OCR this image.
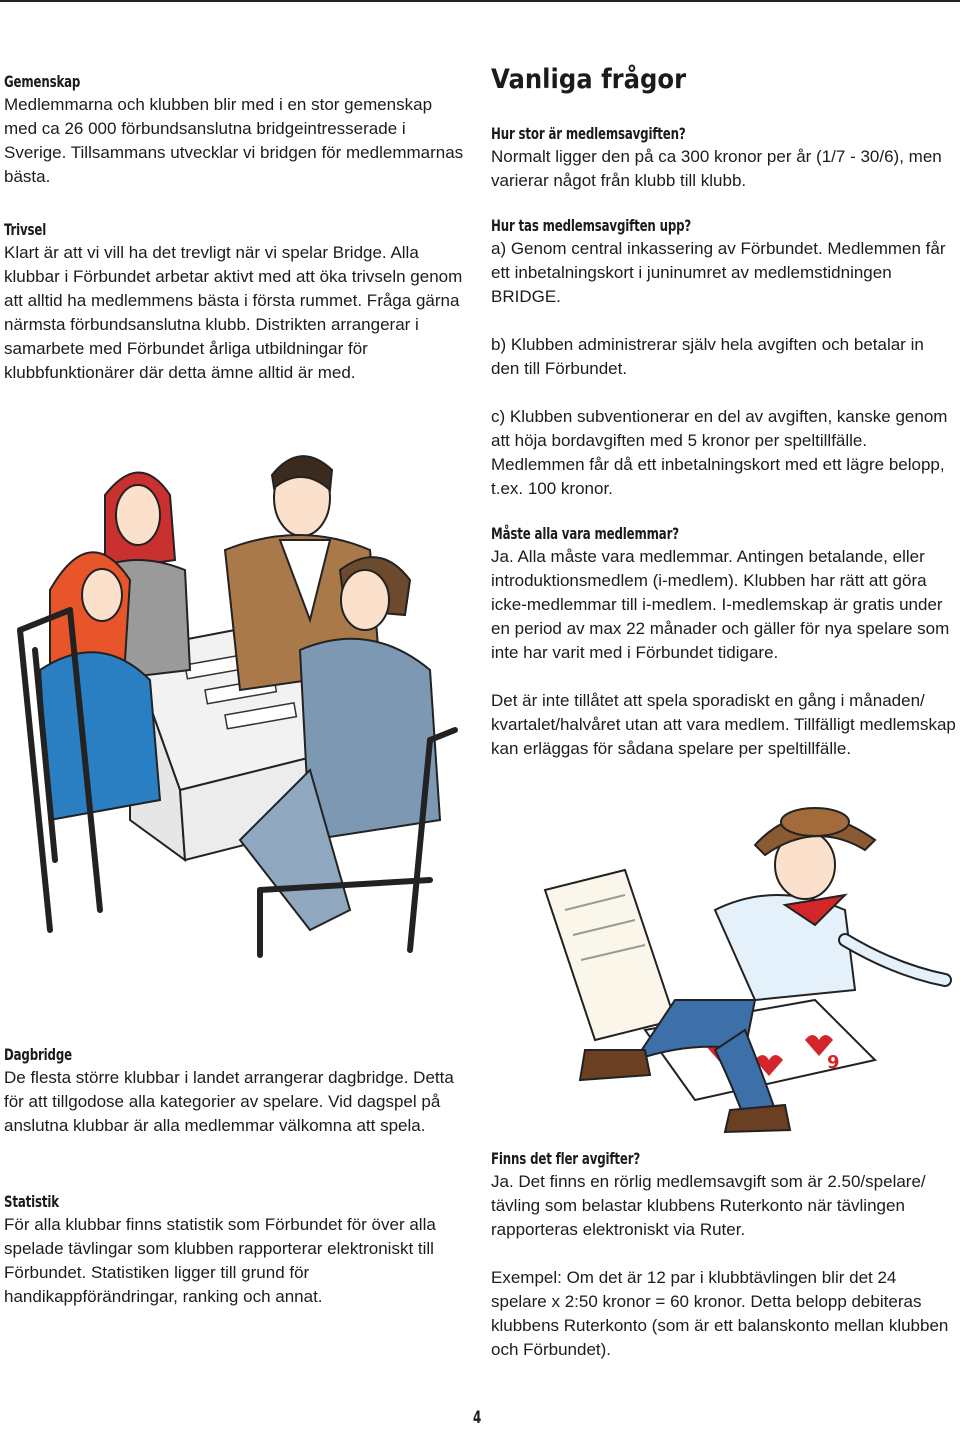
Gemenskap

Medlemmarna och klubben blir med i en stor gemenskap med ca 26 000 förbundsanslutna bridgeintresserade i Sverige. Tillsammans utvecklar vi bridgen för medlemmarnas bästa.

Trivsel

Klart är att vi vill ha det trevligt när vi spelar Bridge. Alla klubbar i Förbundet arbetar aktivt med att öka trivseln genom att alltid ha medlemmens bästa i första rummet. Fråga gärna närmsta förbundsanslutna klubb. Distrikten arrangerar i samarbete med Förbundet årliga utbildningar för klubbfunktionärer där detta ämne alltid är med.

Dagbridge

De flesta större klubbar i landet arrangerar dagbridge. Detta för att tillgodose alla kategorier av spelare. Vid dagspel på anslutna klubbar är alla medlemmar välkomna att spela.

Statistik

För alla klubbar finns statistik som Förbundet för över alla spelade tävlingar som klubben rapporterar elektroniskt till Förbundet. Statistiken ligger till grund för handikappförändringar, ranking och annat.

Vanliga frågor
Hur stor är medlemsavgiften?

Normalt ligger den på ca 300 kronor per år (1/7 - 30/6), men varierar något från klubb till klubb.

Hur tas medlemsavgiften upp?

a) Genom central inkassering av Förbundet. Medlemmen får ett inbetalningskort i juninumret av medlemstidningen BRIDGE.

b) Klubben administrerar själv hela avgiften och betalar in den till Förbundet.

c) Klubben subventionerar en del av avgiften, kanske genom att höja bordavgiften med 5 kronor per speltillfälle. Medlemmen får då ett inbetalningskort med ett lägre belopp, t.ex. 100 kronor.

Måste alla vara medlemmar?

Ja. Alla måste vara medlemmar. Antingen betalande, eller introduktionsmedlem (i-medlem). Klubben har rätt att göra icke-medlemmar till i-medlem. I-medlemskap är gratis under en period av max 22 månader och gäller för nya spelare som inte har varit med i Förbundet tidigare.

Det är inte tillåtet att spela sporadiskt en gång i månaden/ kvartalet/halvåret utan att vara medlem. Tillfälligt medlemskap kan erläggas för sådana spelare per speltillfälle.

9
Finns det fler avgifter?

Ja. Det finns en rörlig medlemsavgift som är 2.50/spelare/ tävling som belastar klubbens Ruterkonto när tävlingen rapporteras elektroniskt via Ruter.

Exempel: Om det är 12 par i klubbtävlingen blir det 24 spelare x 2:50 kronor = 60 kronor. Detta belopp debiteras klubbens Ruterkonto (som är ett balanskonto mellan klubben och Förbundet).

4
